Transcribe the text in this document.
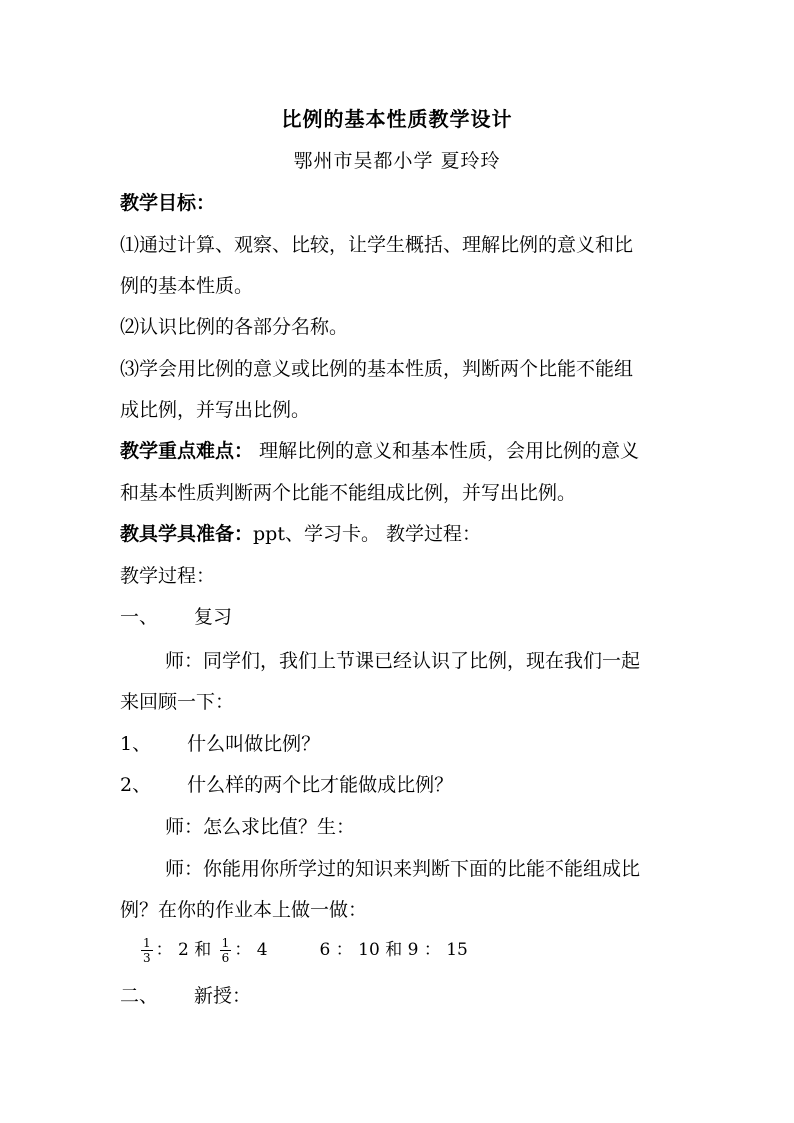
比例的基本性质教学设计
鄂州市吴都小学 夏玲玲
教学目标：
⑴通过计算、观察、比较，让学生概括、理解比例的意义和比
例的基本性质。
⑵认识比例的各部分名称。
⑶学会用比例的意义或比例的基本性质，判断两个比能不能组
成比例，并写出比例。
教学重点难点： 理解比例的意义和基本性质，会用比例的意义
和基本性质判断两个比能不能组成比例，并写出比例。
教具学具准备：ppt、学习卡。 教学过程：
教学过程：
一、 复习
师：同学们，我们上节课已经认识了比例，现在我们一起
来回顾一下：
1、 什么叫做比例？
2、 什么样的两个比才能做成比例？
师：怎么求比值？生：
师：你能用你所学过的知识来判断下面的比能不能组成比
例？在你的作业本上做一做：
$\frac{1}{3}$ ： 2 和 $\frac{1}{6}$ ： 4	6 ： 10 和 9 ： 15
二、 新授：
